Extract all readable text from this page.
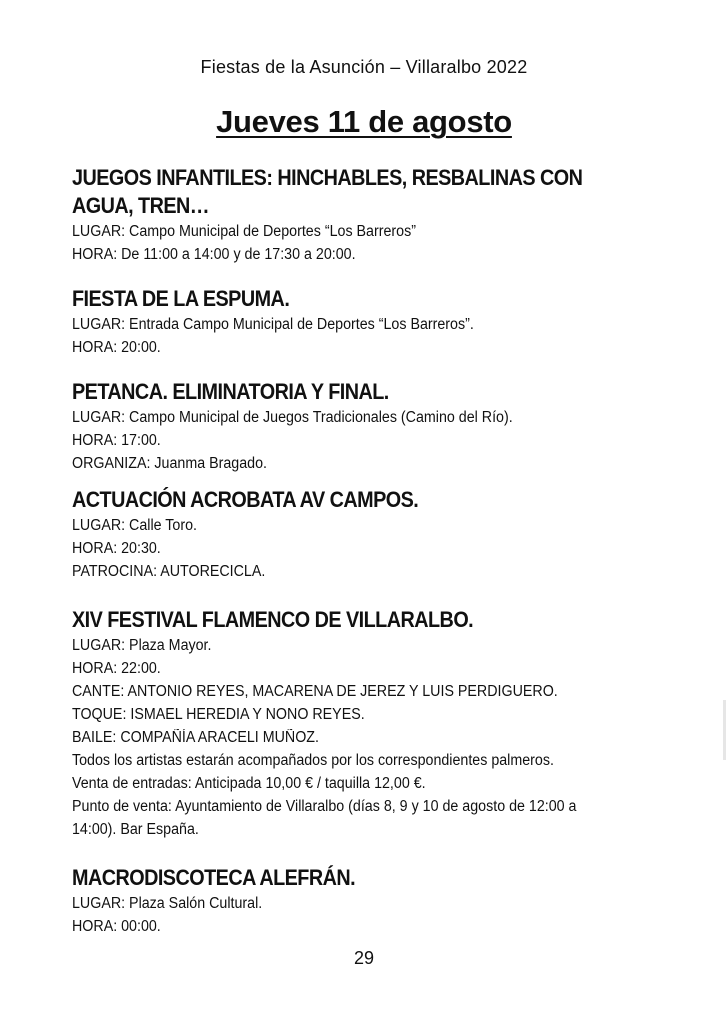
Fiestas de la Asunción – Villaralbo 2022
Jueves 11 de agosto

JUEGOS INFANTILES: HINCHABLES, RESBALINAS CON

AGUA, TREN…

LUGAR: Campo Municipal de Deportes “Los Barreros”

HORA: De 11:00 a 14:00 y de 17:30 a 20:00.

FIESTA DE LA ESPUMA.

LUGAR: Entrada Campo Municipal de Deportes “Los Barreros”.

HORA: 20:00.

PETANCA. ELIMINATORIA Y FINAL.

LUGAR: Campo Municipal de Juegos Tradicionales (Camino del Río).

HORA: 17:00.

ORGANIZA: Juanma Bragado.

ACTUACIÓN ACROBATA AV CAMPOS.

LUGAR: Calle Toro.

HORA: 20:30.

PATROCINA: AUTORECICLA.

XIV FESTIVAL FLAMENCO DE VILLARALBO.

LUGAR: Plaza Mayor.

HORA: 22:00.

CANTE: ANTONIO REYES, MACARENA DE JEREZ Y LUIS PERDIGUERO.

TOQUE: ISMAEL HEREDIA Y NONO REYES.

BAILE: COMPAÑÍA ARACELI MUÑOZ.

Todos los artistas estarán acompañados por los correspondientes palmeros.

Venta de entradas: Anticipada 10,00 € / taquilla 12,00 €.

Punto de venta: Ayuntamiento de Villaralbo (días 8, 9 y 10 de agosto de 12:00 a

14:00). Bar España.

MACRODISCOTECA ALEFRÁN.

LUGAR: Plaza Salón Cultural.

HORA: 00:00.

29
